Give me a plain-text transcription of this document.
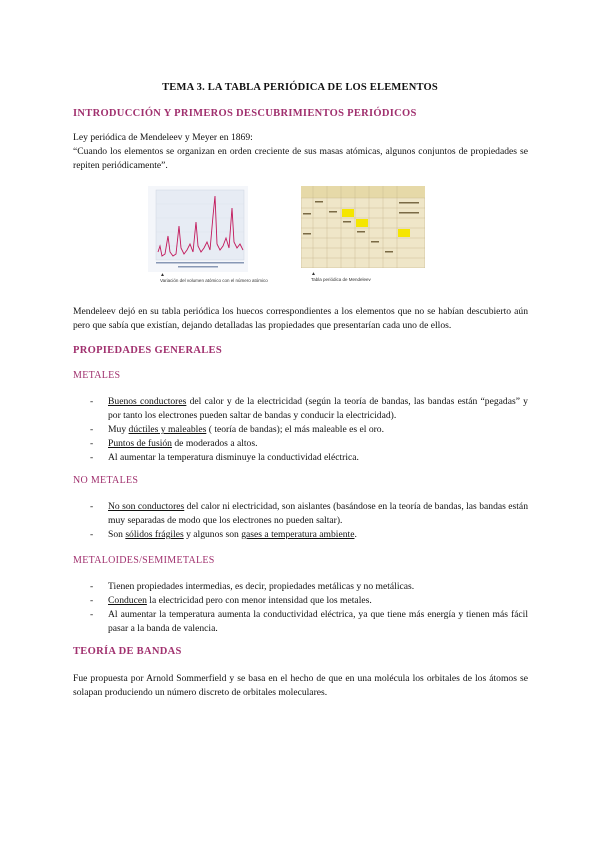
TEMA 3. LA TABLA PERIÓDICA DE LOS ELEMENTOS
INTRODUCCIÓN Y PRIMEROS DESCUBRIMIENTOS PERIÓDICOS

Ley periódica de Mendeleev y Meyer en 1869:

“Cuando los elementos se organizan en orden creciente de sus masas atómicas, algunos conjuntos de propiedades se repiten periódicamente”.

▲
Variación del volumen atómico con el número atómico
▲
Tabla periódica de Mendeleev
Mendeleev dejó en su tabla periódica los huecos correspondientes a los elementos que no se habían descubierto aún pero que sabía que existían, dejando detalladas las propiedades que presentarían cada uno de ellos.
PROPIEDADES GENERALES
METALES
- Buenos conductores del calor y de la electricidad (según la teoría de bandas, las bandas están “pegadas” y por tanto los electrones pueden saltar de bandas y conducir la electricidad).
- Muy dúctiles y maleables ( teoría de bandas); el más maleable es el oro.
- Puntos de fusión de moderados a altos.
- Al aumentar la temperatura disminuye la conductividad eléctrica.
NO METALES
- No son conductores del calor ni electricidad, son aislantes (basándose en la teoría de bandas, las bandas están muy separadas de modo que los electrones no pueden saltar).
- Son sólidos frágiles y algunos son gases a temperatura ambiente.
METALOIDES/SEMIMETALES
- Tienen propiedades intermedias, es decir, propiedades metálicas y no metálicas.
- Conducen la electricidad pero con menor intensidad que los metales.
- Al aumentar la temperatura aumenta la conductividad eléctrica, ya que tiene más energía y tienen más fácil pasar a la banda de valencia.
TEORÍA DE BANDAS
Fue propuesta por Arnold Sommerfield y se basa en el hecho de que en una molécula los orbitales de los átomos se solapan produciendo un número discreto de orbitales moleculares.
